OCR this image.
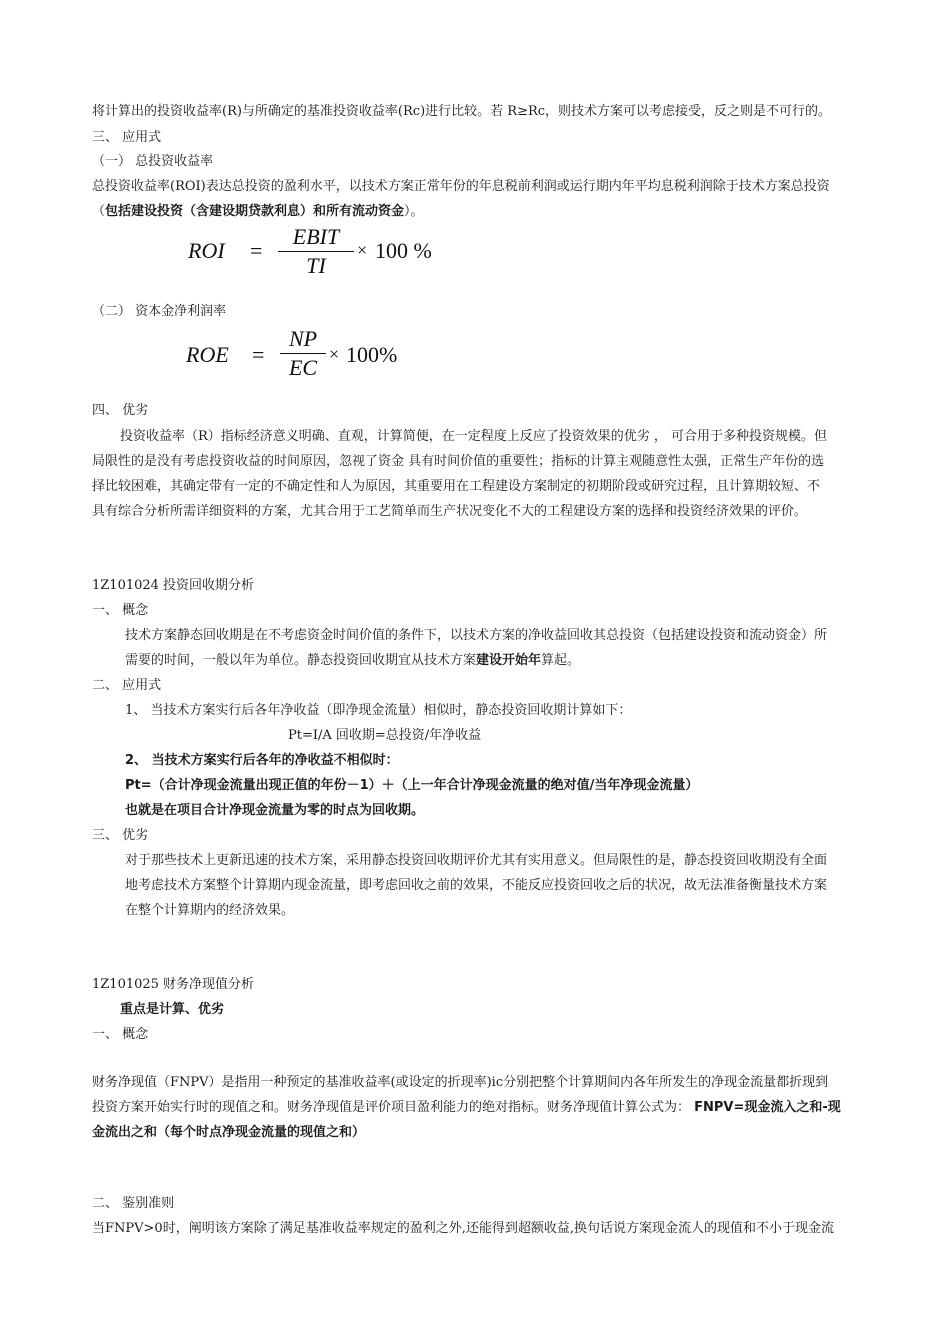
将计算出的投资收益率(R)与所确定的基准投资收益率(Rc)进行比较。若 R≥Rc，则技术方案可以考虑接受，反之则是不可行的。
三、 应用式
（一） 总投资收益率
总投资收益率(ROI)表达总投资的盈利水平，以技术方案正常年份的年息税前利润或运行期内年平均息税利润除于技术方案总投资
（包括建设投资（含建设期贷款利息）和所有流动资金）。
ROI =
EBIT
TI
× 100 %
（二） 资本金净利润率
ROE =
NP
EC
× 100%
四、 优劣
投资收益率（R）指标经济意义明确、直观，计算简便，在一定程度上反应了投资效果的优劣 ， 可合用于多种投资规模。但
局限性的是没有考虑投资收益的时间原因，忽视了资金 具有时间价值的重要性；指标的计算主观随意性太强，正常生产年份的选
择比较困难，其确定带有一定的不确定性和人为原因，其重要用在工程建设方案制定的初期阶段或研究过程，且计算期较短、不
具有综合分析所需详细资料的方案，尤其合用于工艺简单而生产状况变化不大的工程建设方案的选择和投资经济效果的评价。
1Z101024 投资回收期分析
一、 概念
技术方案静态回收期是在不考虑资金时间价值的条件下，以技术方案的净收益回收其总投资（包括建设投资和流动资金）所
需要的时间，一般以年为单位。静态投资回收期宜从技术方案建设开始年算起。
二、 应用式
1、 当技术方案实行后各年净收益（即净现金流量）相似时，静态投资回收期计算如下：
Pt=I/A 回收期=总投资/年净收益
2、 当技术方案实行后各年的净收益不相似时：
Pt=（合计净现金流量出现正值的年份－1）＋（上一年合计净现金流量的绝对值/当年净现金流量）
也就是在项目合计净现金流量为零的时点为回收期。
三、 优劣
对于那些技术上更新迅速的技术方案，采用静态投资回收期评价尤其有实用意义。但局限性的是，静态投资回收期没有全面
地考虑技术方案整个计算期内现金流量，即考虑回收之前的效果，不能反应投资回收之后的状况，故无法准备衡量技术方案
在整个计算期内的经济效果。
1Z101025 财务净现值分析
重点是计算、优劣
一、 概念
财务净现值（FNPV）是指用一种预定的基准收益率(或设定的折现率)ic分别把整个计算期间内各年所发生的净现金流量都折现到
投资方案开始实行时的现值之和。财务净现值是评价项目盈利能力的绝对指标。财务净现值计算公式为： FNPV=现金流入之和-现
金流出之和（每个时点净现金流量的现值之和）
二、 鉴别准则
当FNPV>0时，阐明该方案除了满足基准收益率规定的盈利之外,还能得到超额收益,换句话说方案现金流人的现值和不小于现金流
